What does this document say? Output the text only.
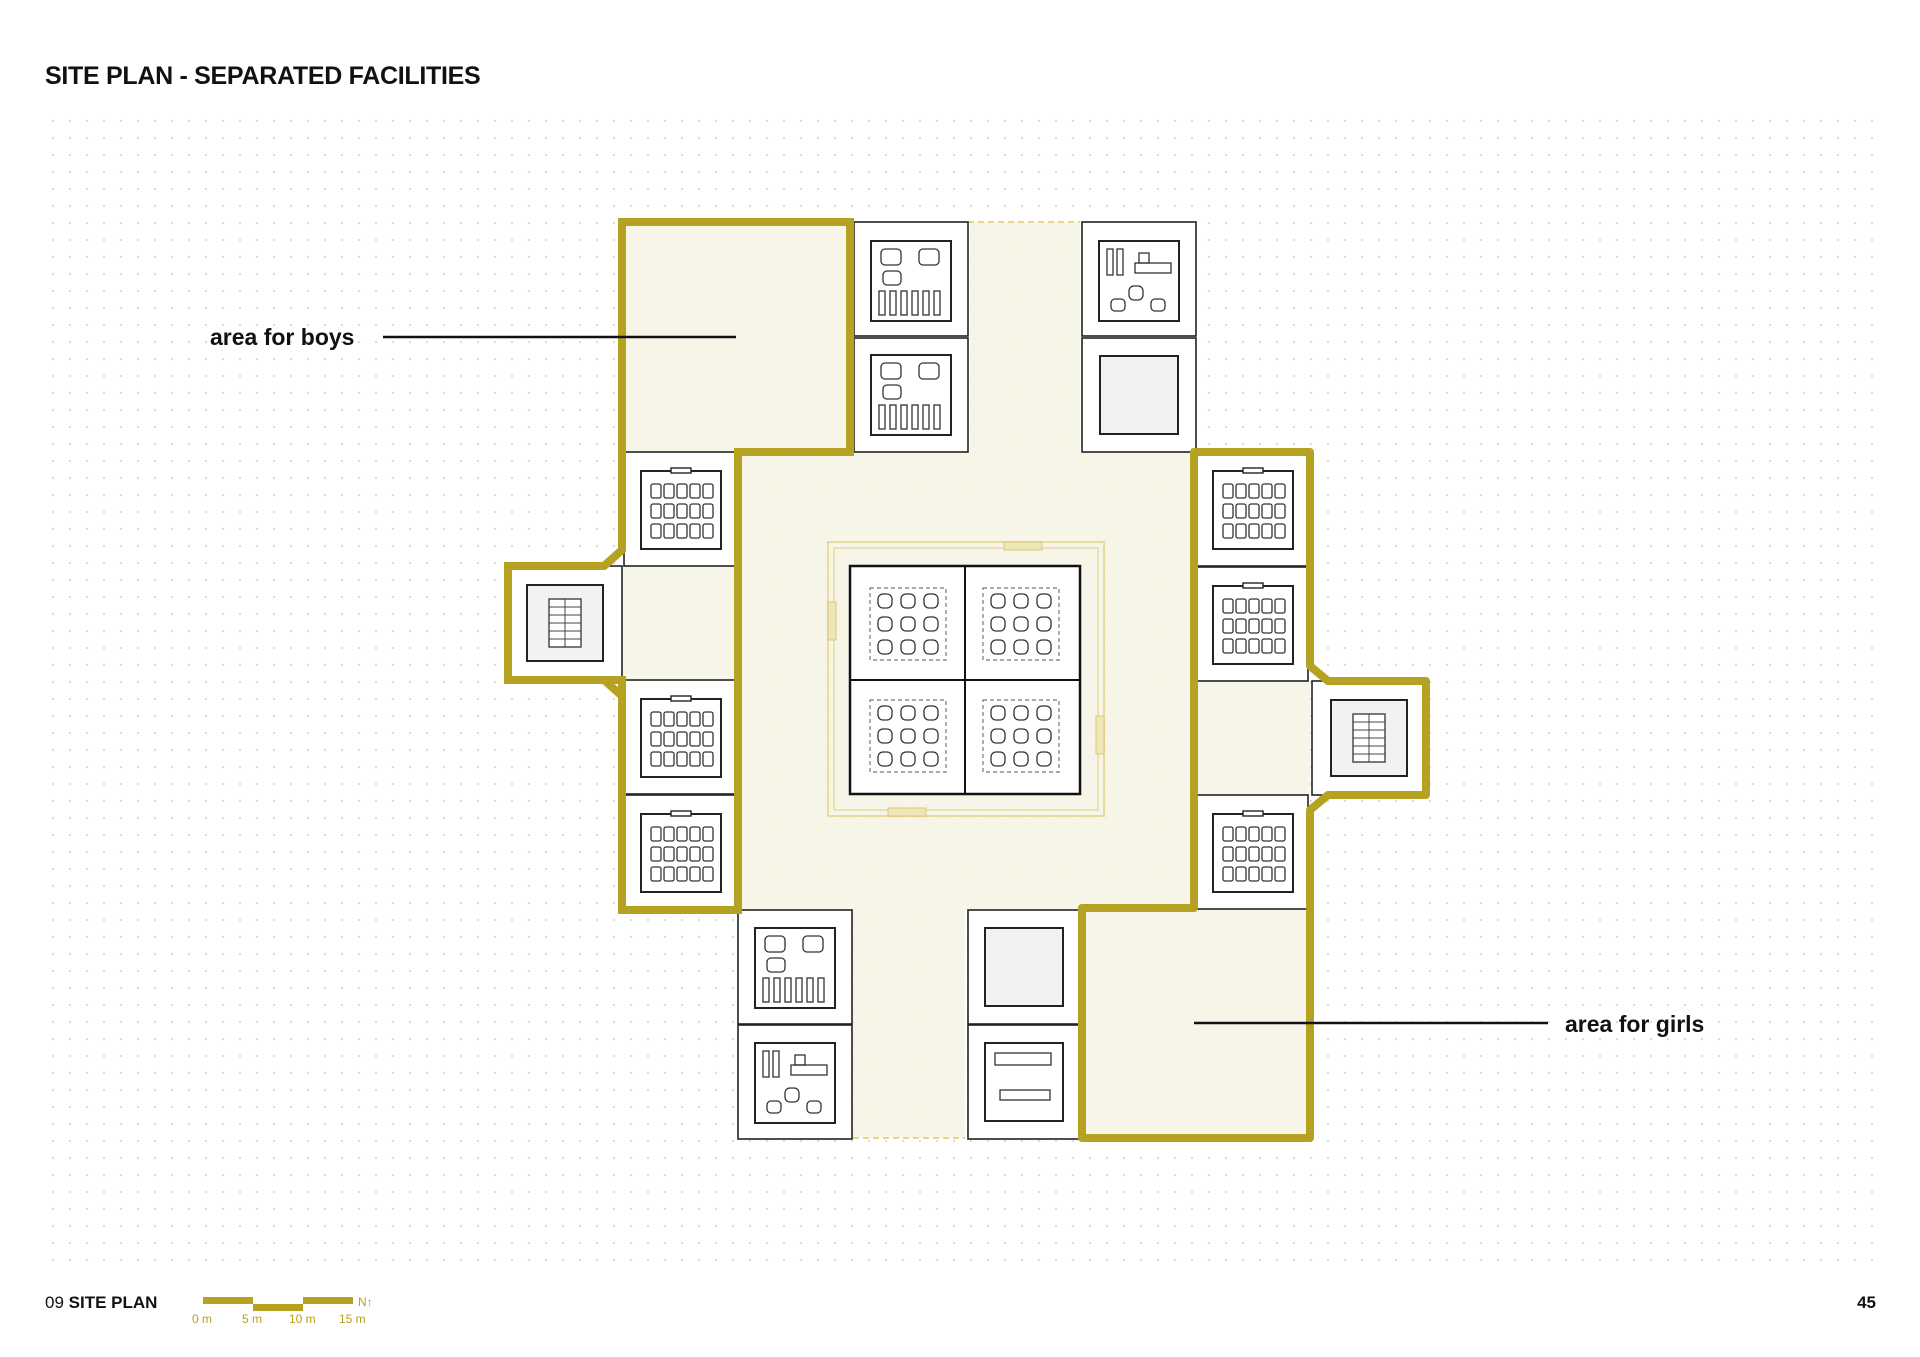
SITE PLAN - SEPARATED FACILITIES
area for boys
area for girls
0 m 5 m 10 m 15 m
N↑
09 SITE PLAN	45
